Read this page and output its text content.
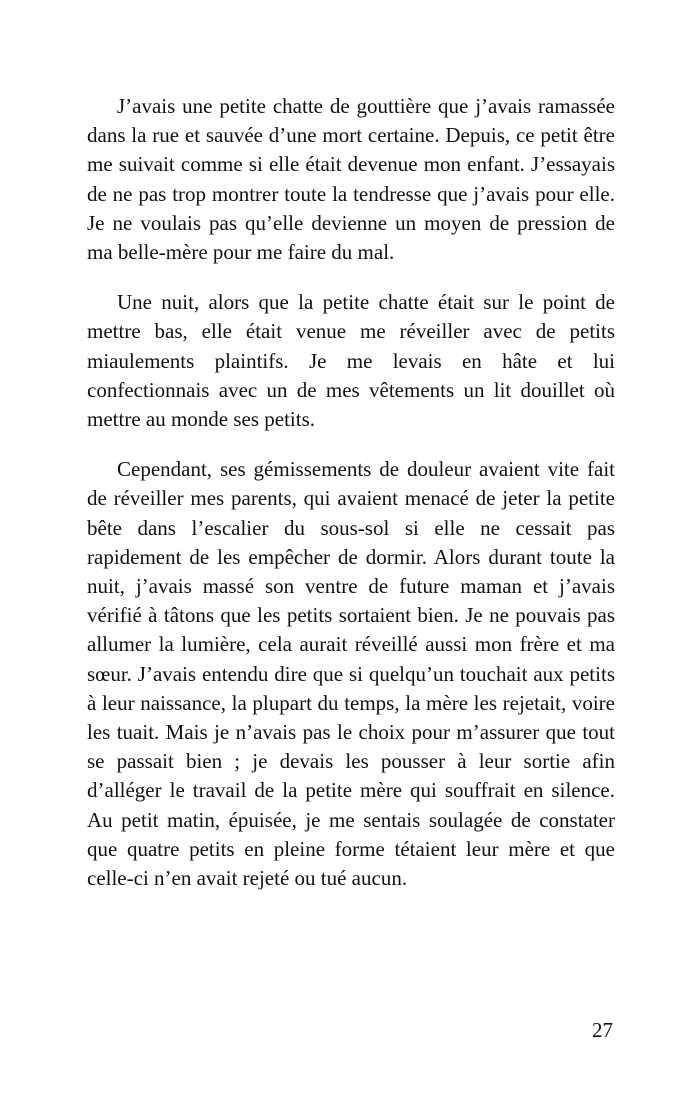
J’avais une petite chatte de gouttière que j’avais ramassée dans la rue et sauvée d’une mort certaine. Depuis, ce petit être me suivait comme si elle était devenue mon enfant. J’essayais de ne pas trop montrer toute la tendresse que j’avais pour elle. Je ne voulais pas qu’elle devienne un moyen de pression de ma belle-mère pour me faire du mal.

Une nuit, alors que la petite chatte était sur le point de mettre bas, elle était venue me réveiller avec de petits miaulements plaintifs. Je me levais en hâte et lui confectionnais avec un de mes vêtements un lit douillet où mettre au monde ses petits.

Cependant, ses gémissements de douleur avaient vite fait de réveiller mes parents, qui avaient menacé de jeter la petite bête dans l’escalier du sous-sol si elle ne cessait pas rapidement de les empêcher de dormir. Alors durant toute la nuit, j’avais massé son ventre de future maman et j’avais vérifié à tâtons que les petits sortaient bien. Je ne pouvais pas allumer la lumière, cela aurait réveillé aussi mon frère et ma sœur. J’avais entendu dire que si quelqu’un touchait aux petits à leur naissance, la plupart du temps, la mère les rejetait, voire les tuait. Mais je n’avais pas le choix pour m’assurer que tout se passait bien ; je devais les pousser à leur sortie afin d’alléger le travail de la petite mère qui souffrait en silence. Au petit matin, épuisée, je me sentais soulagée de constater que quatre petits en pleine forme tétaient leur mère et que celle-ci n’en avait rejeté ou tué aucun.

27
